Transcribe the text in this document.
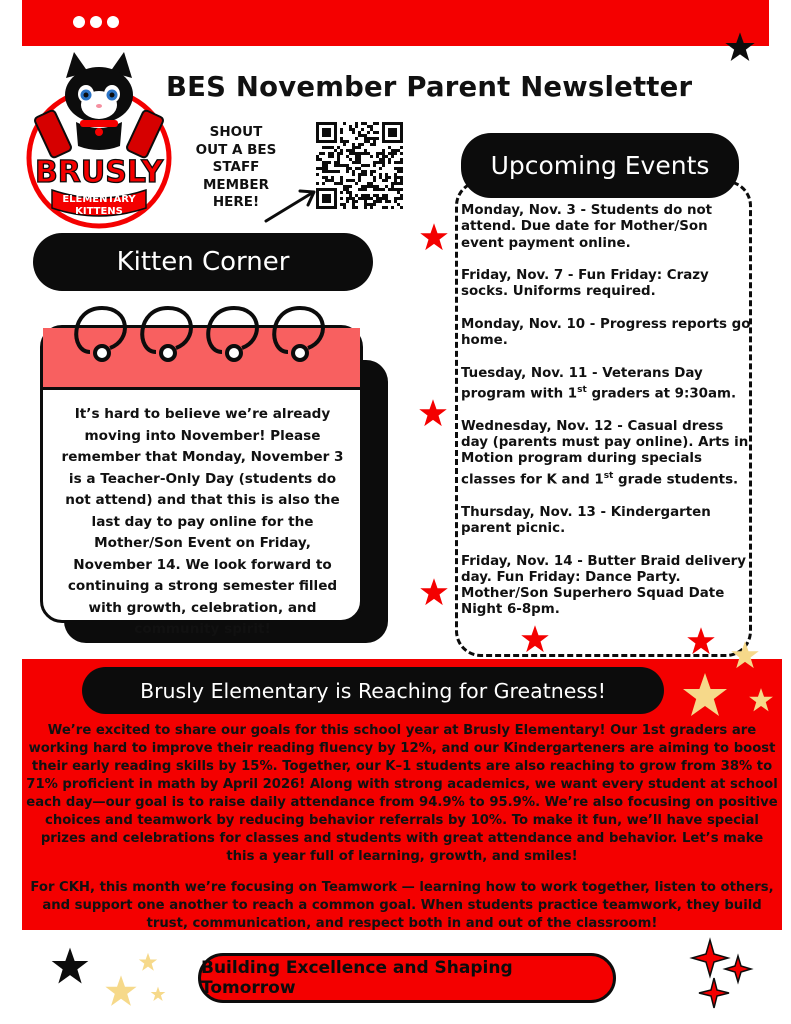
BRUSLY
ELEMENTARY
KITTENS
BES November Parent Newsletter
SHOUT
OUT A BES
STAFF
MEMBER
HERE!
Kitten Corner
It’s hard to believe we’re already moving into November! Please remember that Monday, November 3 is a Teacher-Only Day (students do not attend) and that this is also the last day to pay online for the Mother/Son Event on Friday, November 14. We look forward to continuing a strong semester filled with growth, celebration, and community spirit!
Upcoming Events
Monday, Nov. 3 - Students do not attend. Due date for Mother/Son event payment online.
Friday, Nov. 7 - Fun Friday: Crazy socks. Uniforms required.
Monday, Nov. 10 - Progress reports go home.
Tuesday, Nov. 11 - Veterans Day program with 1st graders at 9:30am.
Wednesday, Nov. 12 - Casual dress day (parents must pay online). Arts in Motion program during specials classes for K and 1st grade students.
Thursday, Nov. 13 - Kindergarten parent picnic.
Friday, Nov. 14 - Butter Braid delivery day. Fun Friday: Dance Party. Mother/Son Superhero Squad Date Night 6-8pm.
Brusly Elementary is Reaching for Greatness!

We’re excited to share our goals for this school year at Brusly Elementary! Our 1st graders are working hard to improve their reading fluency by 12%, and our Kindergarteners are aiming to boost their early reading skills by 15%. Together, our K–1 students are also reaching to grow from 38% to 71% proficient in math by April 2026! Along with strong academics, we want every student at school each day—our goal is to raise daily attendance from 94.9% to 95.9%. We’re also focusing on positive choices and teamwork by reducing behavior referrals by 10%. To make it fun, we’ll have special prizes and celebrations for classes and students with great attendance and behavior. Let’s make this a year full of learning, growth, and smiles!

For CKH, this month we’re focusing on Teamwork — learning how to work together, listen to others, and support one another to reach a common goal. When students practice teamwork, they build trust, communication, and respect both in and out of the classroom!

Building Excellence and Shaping Tomorrow
